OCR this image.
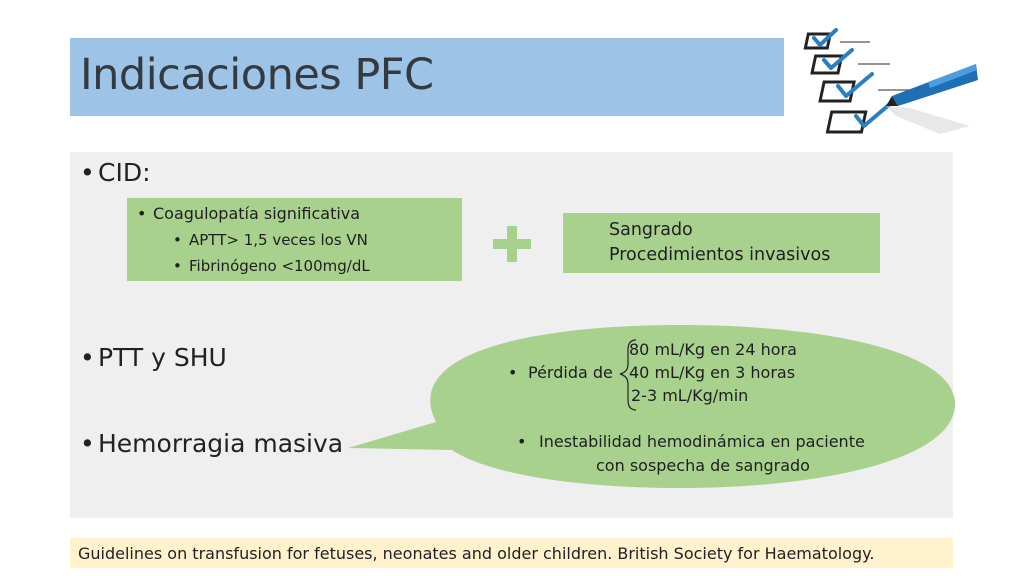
Indicaciones PFC
• CID:
• PTT y SHU
• Hemorragia masiva
• Coagulopatía significativa
• APTT> 1,5 veces los VN
• Fibrinógeno <100mg/dL
Sangrado
Procedimientos invasivos
• Pérdida de
80 mL/Kg en 24 hora
40 mL/Kg en 3 horas
2-3 mL/Kg/min
• Inestabilidad hemodinámica en paciente
con sospecha de sangrado
Guidelines on transfusion for fetuses, neonates and older children. British Society for Haematology.
